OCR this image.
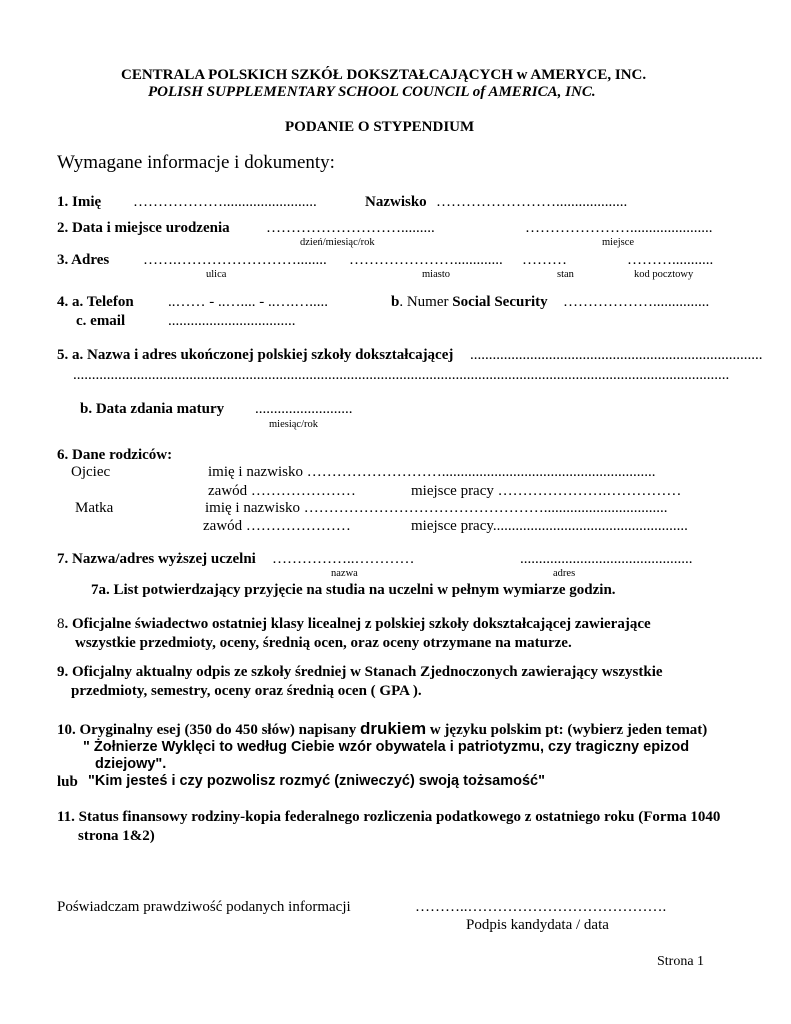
CENTRALA POLSKICH SZKÓŁ DOKSZTAŁCAJĄCYCH w AMERYCE, INC.
POLISH SUPPLEMENTARY SCHOOL COUNCIL of AMERICA, INC.
PODANIE O STYPENDIUM
Wymagane informacje i dokumenty:
1. Imię ……………….........................	Nazwisko ……………………...................
2. Data i miejsce urodzenia ……………………….........
dzień/miesiąc/rok
…………………......................
miejsce
3. Adres …….……………………........
ulica
………………….............
miasto
………
stan
………...........
kod pocztowy
4. a. Telefon ..…… - ..….... - ..….….....
c. email	..................................
b. Numer Social Security ………………...............
5. a. Nazwa i adres ukończonej polskiej szkoły dokształcającej ..............................................................................
...............................................................................................................................................................................
b. Data zdania matury ..........................
miesiąc/rok
6. Dane rodziców:
Ojciec	imię i nazwisko ……………………….........................................................
zawód …………………	miejsce pracy ………………….……………
Matka	imię i nazwisko ………………………………………….................................
zawód …………………	miejsce pracy....................................................
7. Nazwa/adres wyższej uczelni ……………..…………
nazwa
..............................................
adres
7a. List potwierdzający przyjęcie na studia na uczelni w pełnym wymiarze godzin.
8. Oficjalne świadectwo ostatniej klasy licealnej z polskiej szkoły dokształcającej zawierające
wszystkie przedmioty, oceny, średnią ocen, oraz oceny otrzymane na maturze.
9. Oficjalny aktualny odpis ze szkoły średniej w Stanach Zjednoczonych zawierający wszystkie
przedmioty, semestry, oceny oraz średnią ocen ( GPA ).
10. Oryginalny esej (350 do 450 słów) napisany drukiem w języku polskim pt: (wybierz jeden temat)
" Żołnierze Wyklęci to według Ciebie wzór obywatela i patriotyzmu, czy tragiczny epizod
dziejowy".
lub "Kim jesteś i czy pozwolisz rozmyć (zniweczyć) swoją tożsamość"
11. Status finansowy rodziny-kopia federalnego rozliczenia podatkowego z ostatniego roku (Forma 1040
strona 1&2)
Poświadczam prawdziwość podanych informacji	………..………………………………….
Podpis kandydata / data
Strona 1
